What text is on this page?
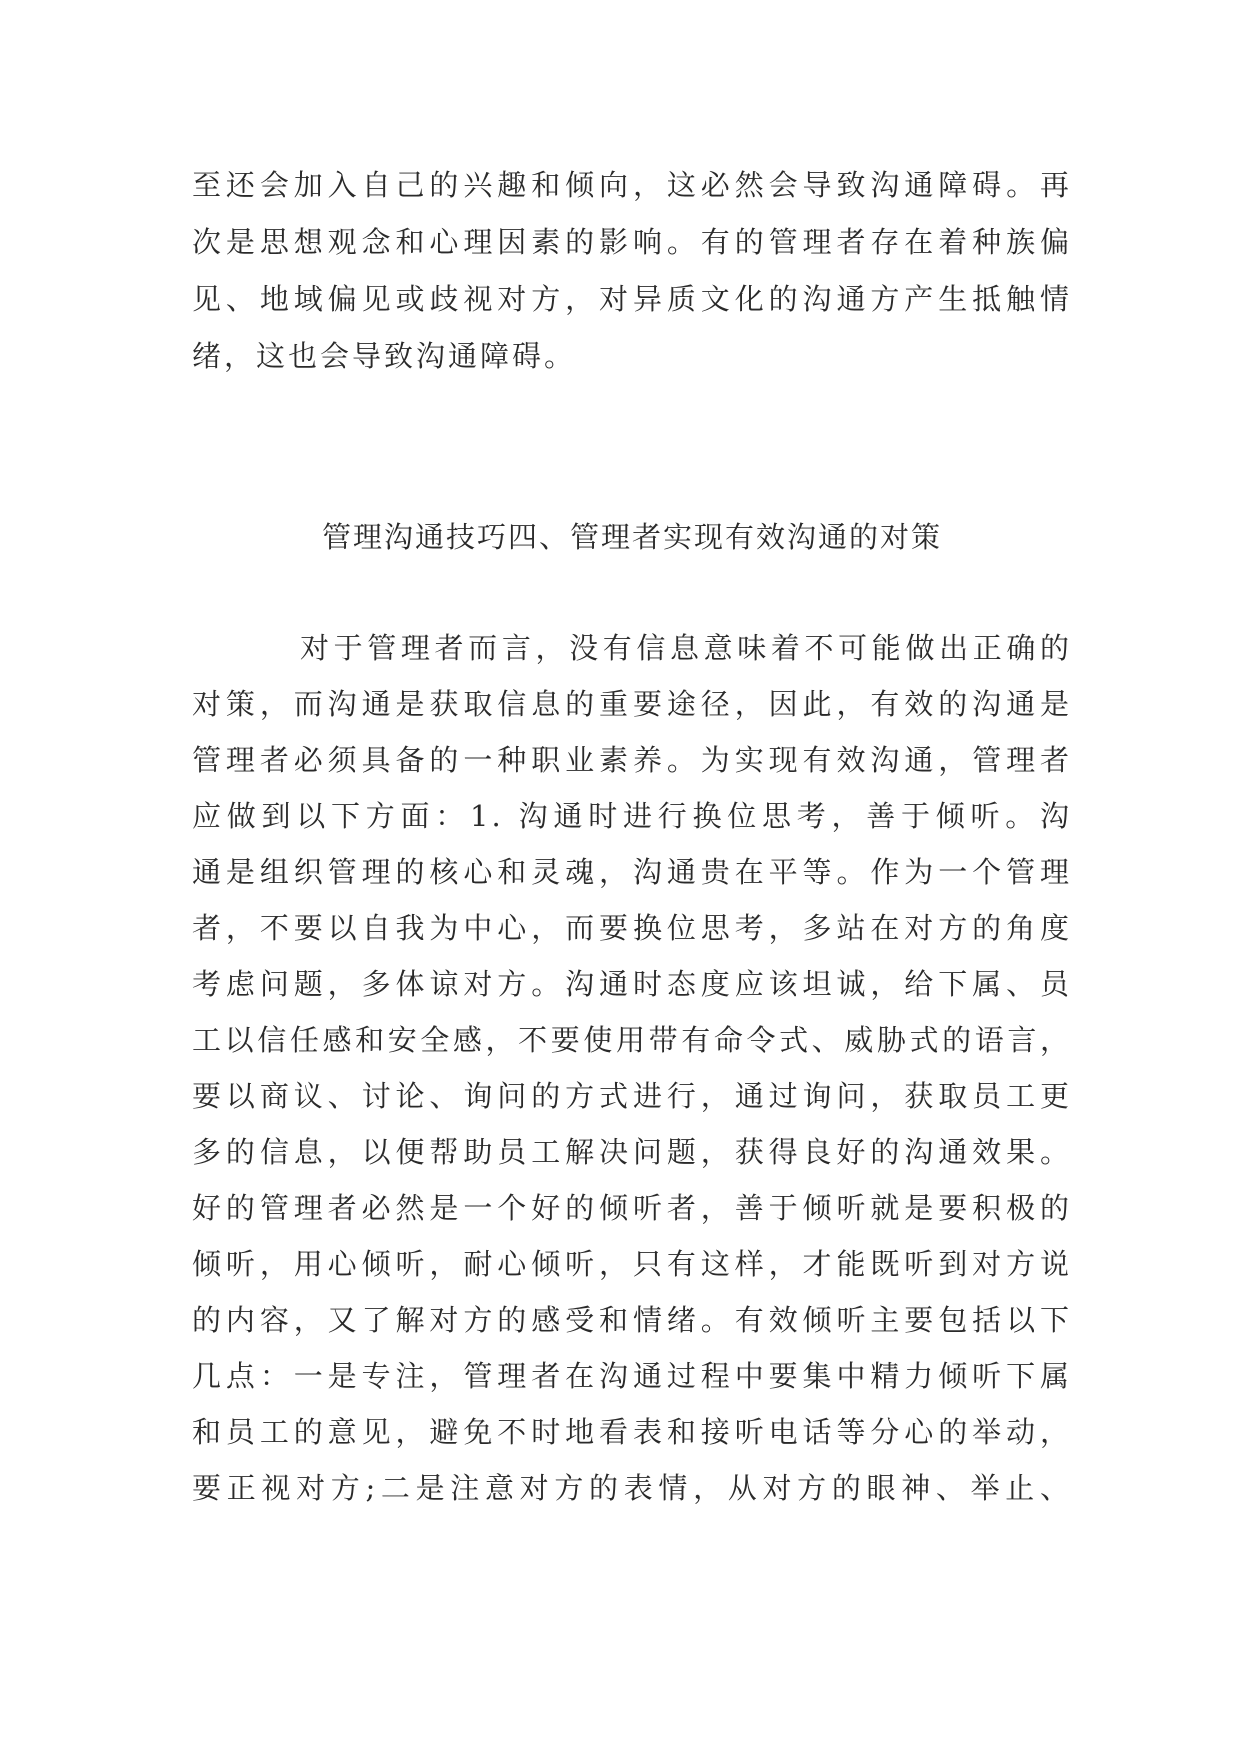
至还会加入自己的兴趣和倾向，这必然会导致沟通障碍。再
次是思想观念和心理因素的影响。有的管理者存在着种族偏
见、地域偏见或歧视对方，对异质文化的沟通方产生抵触情
绪，这也会导致沟通障碍。
管理沟通技巧四、管理者实现有效沟通的对策
对于管理者而言，没有信息意味着不可能做出正确的
对策，而沟通是获取信息的重要途径，因此，有效的沟通是
管理者必须具备的一种职业素养。为实现有效沟通，管理者
应做到以下方面：1. 沟通时进行换位思考，善于倾听。沟
通是组织管理的核心和灵魂，沟通贵在平等。作为一个管理
者，不要以自我为中心，而要换位思考，多站在对方的角度
考虑问题，多体谅对方。沟通时态度应该坦诚，给下属、员
工以信任感和安全感，不要使用带有命令式、威胁式的语言，
要以商议、讨论、询问的方式进行，通过询问，获取员工更
多的信息，以便帮助员工解决问题，获得良好的沟通效果。
好的管理者必然是一个好的倾听者，善于倾听就是要积极的
倾听，用心倾听，耐心倾听，只有这样，才能既听到对方说
的内容，又了解对方的感受和情绪。有效倾听主要包括以下
几点：一是专注，管理者在沟通过程中要集中精力倾听下属
和员工的意见，避免不时地看表和接听电话等分心的举动，
要正视对方;二是注意对方的表情，从对方的眼神、举止、
